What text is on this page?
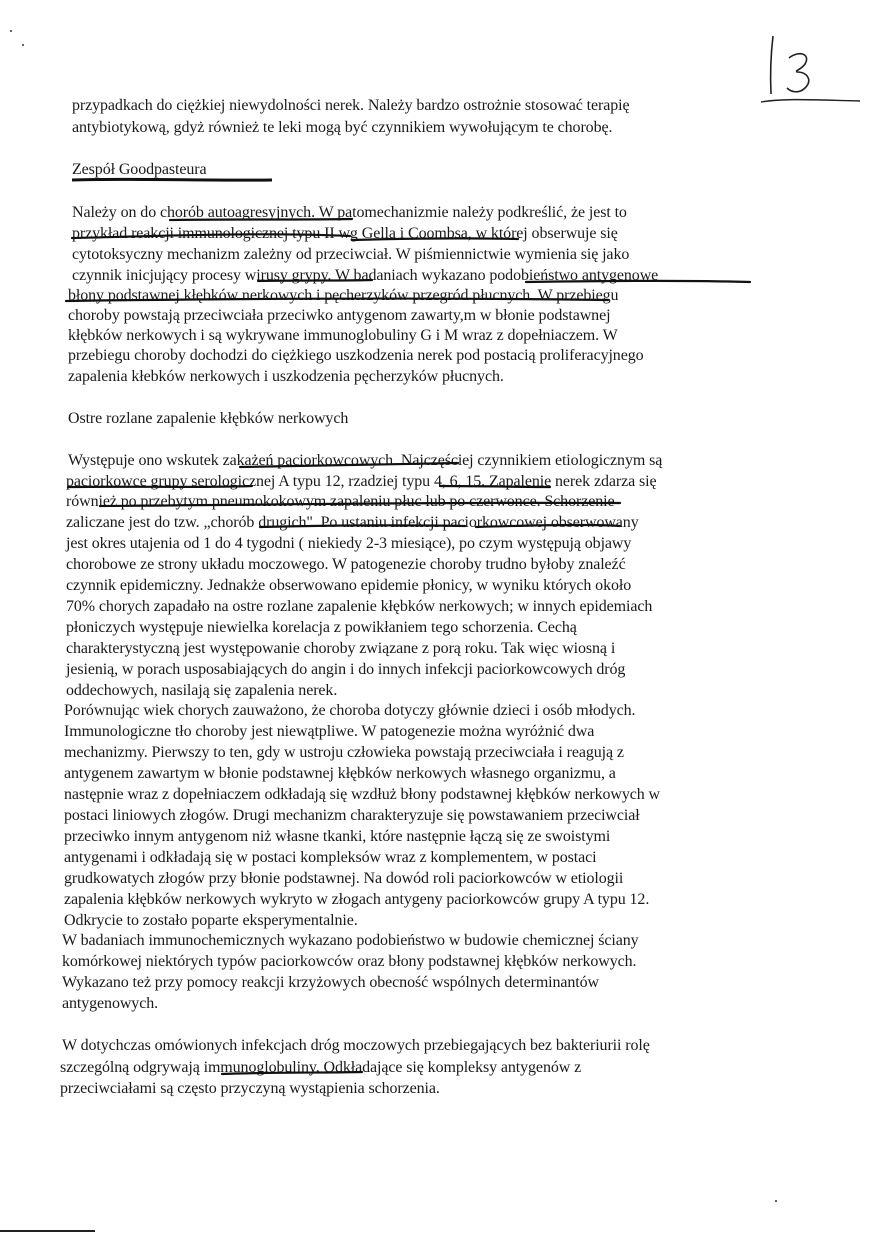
przypadkach do ciężkiej niewydolności nerek. Należy bardzo ostrożnie stosować terapię
antybiotykową, gdyż również te leki mogą być czynnikiem wywołującym te chorobę.
Zespół Goodpasteura
Należy on do chorób autoagresyjnych. W patomechanizmie należy podkreślić, że jest to
przykład reakcji immunologicznej typu II wg Gella i Coombsa, w której obserwuje się
cytotoksyczny mechanizm zależny od przeciwciał. W piśmiennictwie wymienia się jako
czynnik inicjujący procesy wirusy grypy. W badaniach wykazano podobieństwo antygenowe
błony podstawnej kłębków nerkowych i pęcherzyków przegród płucnych. W przebiegu
choroby powstają przeciwciała przeciwko antygenom zawarty,m w błonie podstawnej
kłębków nerkowych i są wykrywane immunoglobuliny G i M wraz z dopełniaczem. W
przebiegu choroby dochodzi do ciężkiego uszkodzenia nerek pod postacią proliferacyjnego
zapalenia kłebków nerkowych i uszkodzenia pęcherzyków płucnych.
Ostre rozlane zapalenie kłębków nerkowych
Występuje ono wskutek zakażeń paciorkowcowych. Najczęściej czynnikiem etiologicznym są
paciorkowce grupy serologicznej A typu 12, rzadziej typu 4, 6, 15. Zapalenie nerek zdarza się
również po przebytym pneumokokowym zapaleniu płuc lub po czerwonce. Schorzenie
zaliczane jest do tzw. „chorób drugich". Po ustaniu infekcji paciorkowcowej obserwowany
jest okres utajenia od 1 do 4 tygodni ( niekiedy 2-3 miesiące), po czym występują objawy
chorobowe ze strony układu moczowego. W patogenezie choroby trudno byłoby znaleźć
czynnik epidemiczny. Jednakże obserwowano epidemie płonicy, w wyniku których około
70% chorych zapadało na ostre rozlane zapalenie kłębków nerkowych; w innych epidemiach
płoniczych występuje niewielka korelacja z powikłaniem tego schorzenia. Cechą
charakterystyczną jest występowanie choroby związane z porą roku. Tak więc wiosną i
jesienią, w porach usposabiających do angin i do innych infekcji paciorkowcowych dróg
oddechowych, nasilają się zapalenia nerek.
Porównując wiek chorych zauważono, że choroba dotyczy głównie dzieci i osób młodych.
Immunologiczne tło choroby jest niewątpliwe. W patogenezie można wyróżnić dwa
mechanizmy. Pierwszy to ten, gdy w ustroju człowieka powstają przeciwciała i reagują z
antygenem zawartym w błonie podstawnej kłębków nerkowych własnego organizmu, a
następnie wraz z dopełniaczem odkładają się wzdłuż błony podstawnej kłębków nerkowych w
postaci liniowych złogów. Drugi mechanizm charakteryzuje się powstawaniem przeciwciał
przeciwko innym antygenom niż własne tkanki, które następnie łączą się ze swoistymi
antygenami i odkładają się w postaci kompleksów wraz z komplementem, w postaci
grudkowatych złogów przy błonie podstawnej. Na dowód roli paciorkowców w etiologii
zapalenia kłębków nerkowych wykryto w złogach antygeny paciorkowców grupy A typu 12.
Odkrycie to zostało poparte eksperymentalnie.
W badaniach immunochemicznych wykazano podobieństwo w budowie chemicznej ściany
komórkowej niektórych typów paciorkowców oraz błony podstawnej kłębków nerkowych.
Wykazano też przy pomocy reakcji krzyżowych obecność wspólnych determinantów
antygenowych.
W dotychczas omówionych infekcjach dróg moczowych przebiegających bez bakteriurii rolę
szczególną odgrywają immunoglobuliny. Odkładające się kompleksy antygenów z
przeciwciałami są często przyczyną wystąpienia schorzenia.
